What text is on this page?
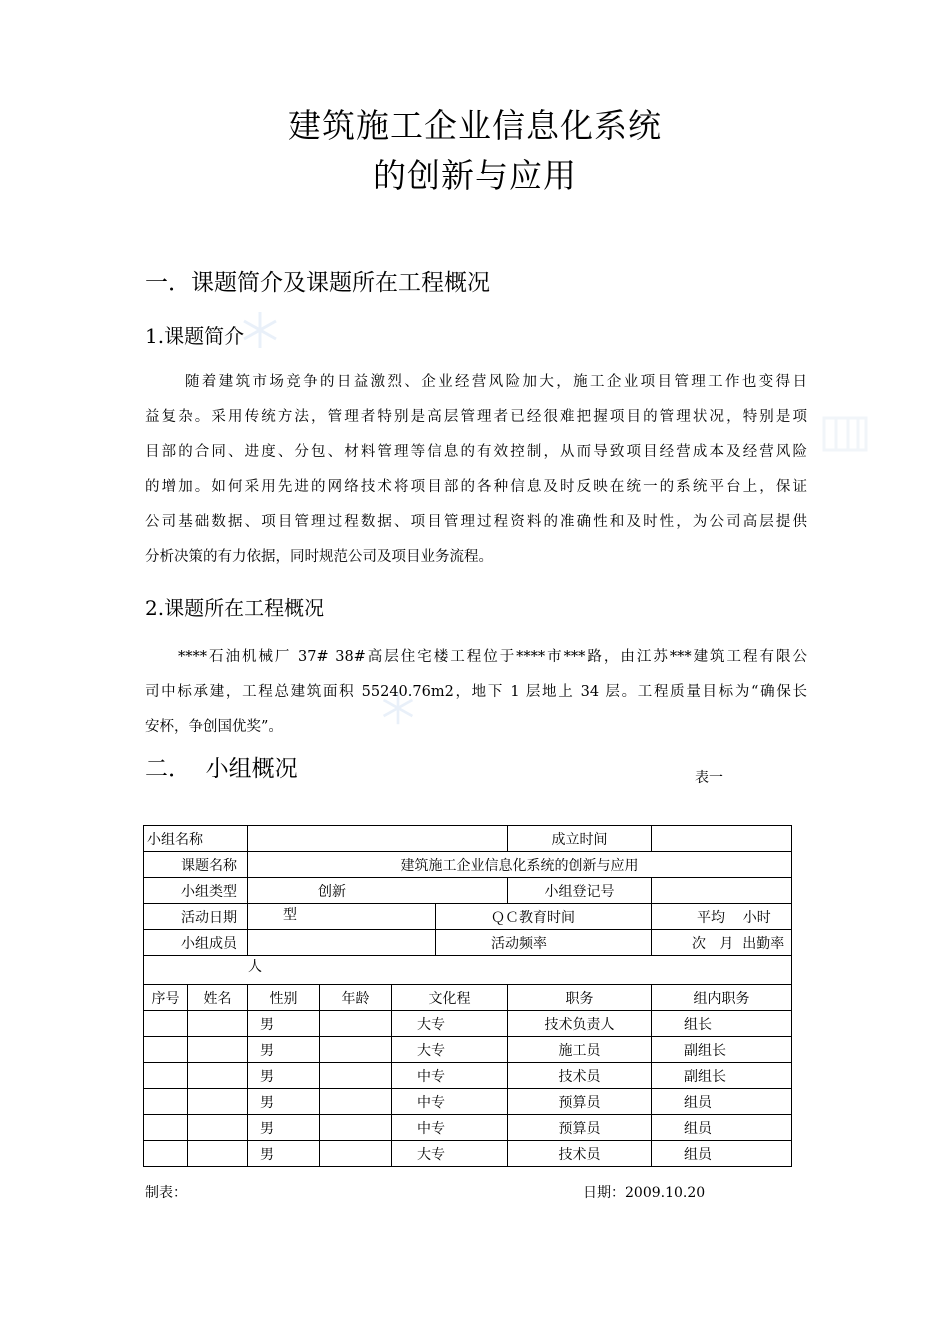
建筑施工企业信息化系统
的创新与应用
一．课题简介及课题所在工程概况
1.课题简介
随着建筑市场竞争的日益激烈、企业经营风险加大，施工企业项目管理工作也变得日
益复杂。采用传统方法，管理者特别是高层管理者已经很难把握项目的管理状况，特别是项
目部的合同、进度、分包、材料管理等信息的有效控制，从而导致项目经营成本及经营风险
的增加。如何采用先进的网络技术将项目部的各种信息及时反映在统一的系统平台上，保证
公司基础数据、项目管理过程数据、项目管理过程资料的准确性和及时性，为公司高层提供
分析决策的有力依据，同时规范公司及项目业务流程。
2.课题所在工程概况
****石油机械厂 37# 38#高层住宅楼工程位于****市***路，由江苏***建筑工程有限公
司中标承建，工程总建筑面积 55240.76m2，地下 1 层地上 34 层。工程质量目标为“确保长
安杯，争创国优奖”。
二．  小组概况	表一
小组名称						成立时间	
课题名称		建筑施工企业信息化系统的创新与应用					
小组类型		创新				小组登记号	
活动日期		型			ＱＣ教育时间		平均    小时
小组成员					活动频率		次   月  出勤率
人							
序号	姓名	性别	年龄	文化程		职务	组内职务
		男		大专		技术负责人	组长
		男		大专		施工员	副组长
		男		中专		技术员	副组长
		男		中专		预算员	组员
		男		中专		预算员	组员
		男		大专		技术员	组员
制表：	日期：2009.10.20
